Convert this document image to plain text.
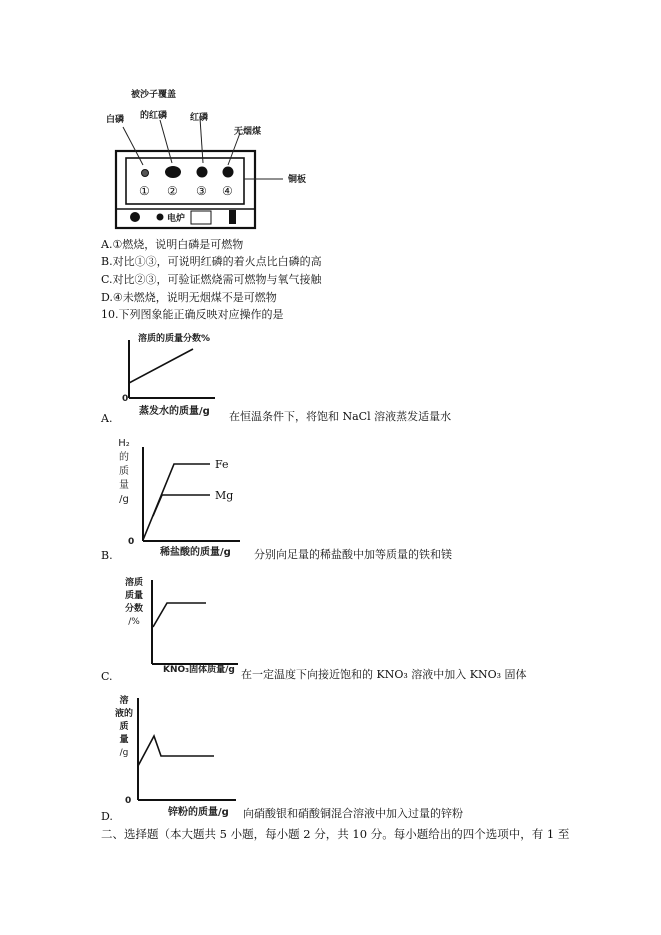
被沙子覆盖
白磷 的红磷	红磷
无烟煤
铜板
① ② ③ ④
电炉
A.①燃烧，说明白磷是可燃物
B.对比①③，可说明红磷的着火点比白磷的高
C.对比②③，可验证燃烧需可燃物与氧气接触
D.④未燃烧，说明无烟煤不是可燃物
10.下列图象能正确反映对应操作的是
0
溶质的质量分数%
蒸发水的质量/g
A.	在恒温条件下，将饱和 NaCl 溶液蒸发适量水
0
H₂
的
质
量
/g
Fe
Mg
稀盐酸的质量/g
B.	分别向足量的稀盐酸中加等质量的铁和镁
溶质
质量
分数
/%
KNO₃固体质量/g
C.	在一定温度下向接近饱和的 KNO₃ 溶液中加入 KNO₃ 固体
0
溶
液的
质
量
/g
锌粉的质量/g
D.	向硝酸银和硝酸铜混合溶液中加入过量的锌粉
二、选择题（本大题共 5 小题，每小题 2 分，共 10 分。每小题给出的四个选项中，有 1 至
